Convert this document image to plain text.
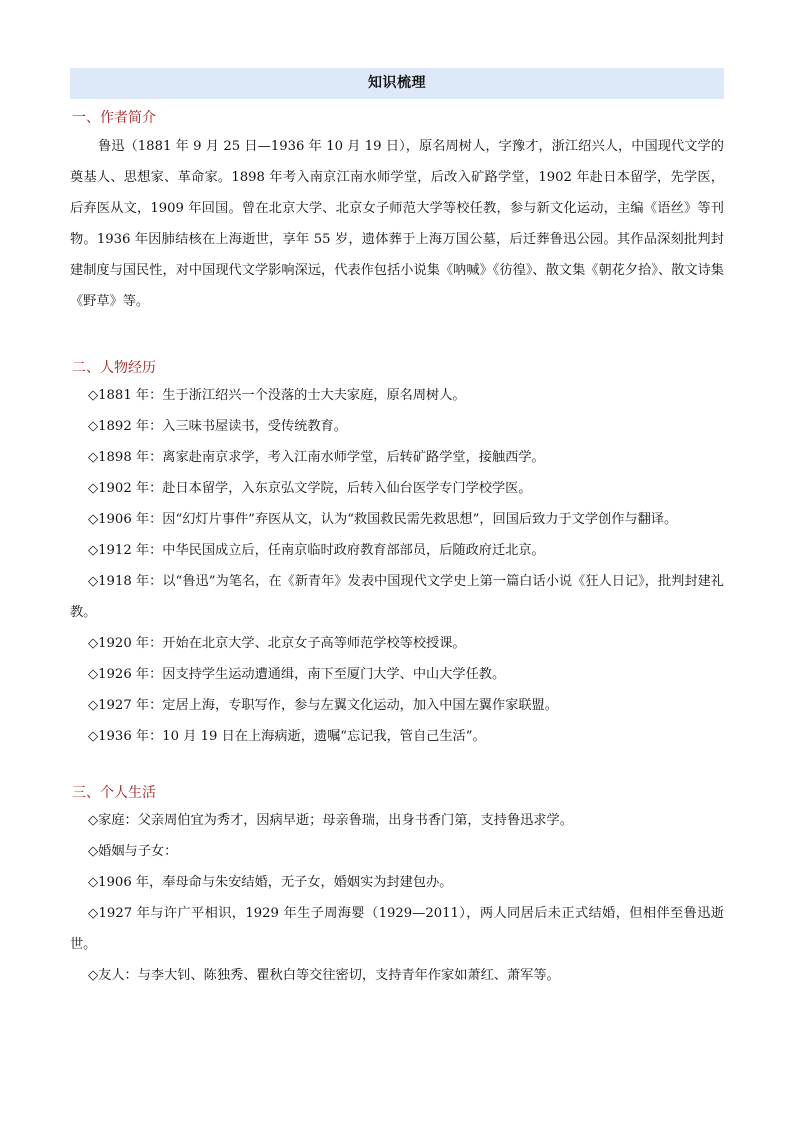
知识梳理
一、作者简介

鲁迅（1881 年 9 月 25 日—1936 年 10 月 19 日），原名周树人，字豫才，浙江绍兴人，中国现代文学的奠基人、思想家、革命家。1898 年考入南京江南水师学堂，后改入矿路学堂，1902 年赴日本留学，先学医，后弃医从文，1909 年回国。曾在北京大学、北京女子师范大学等校任教，参与新文化运动，主编《语丝》等刊物。1936 年因肺结核在上海逝世，享年 55 岁，遗体葬于上海万国公墓，后迁葬鲁迅公园。其作品深刻批判封建制度与国民性，对中国现代文学影响深远，代表作包括小说集《呐喊》《彷徨》、散文集《朝花夕拾》、散文诗集《野草》等。

二、人物经历

◇1881 年：生于浙江绍兴一个没落的士大夫家庭，原名周树人。

◇1892 年：入三味书屋读书，受传统教育。

◇1898 年：离家赴南京求学，考入江南水师学堂，后转矿路学堂，接触西学。

◇1902 年：赴日本留学，入东京弘文学院，后转入仙台医学专门学校学医。

◇1906 年：因“幻灯片事件”弃医从文，认为“救国救民需先救思想”，回国后致力于文学创作与翻译。

◇1912 年：中华民国成立后，任南京临时政府教育部部员，后随政府迁北京。

◇1918 年：以“鲁迅”为笔名，在《新青年》发表中国现代文学史上第一篇白话小说《狂人日记》，批判封建礼教。

◇1920 年：开始在北京大学、北京女子高等师范学校等校授课。

◇1926 年：因支持学生运动遭通缉，南下至厦门大学、中山大学任教。

◇1927 年：定居上海，专职写作，参与左翼文化运动，加入中国左翼作家联盟。

◇1936 年：10 月 19 日在上海病逝，遗嘱“忘记我，管自己生活”。

三、个人生活

◇家庭：父亲周伯宜为秀才，因病早逝；母亲鲁瑞，出身书香门第，支持鲁迅求学。

◇婚姻与子女：

◇1906 年，奉母命与朱安结婚，无子女，婚姻实为封建包办。

◇1927 年与许广平相识，1929 年生子周海婴（1929—2011），两人同居后未正式结婚，但相伴至鲁迅逝世。

◇友人：与李大钊、陈独秀、瞿秋白等交往密切，支持青年作家如萧红、萧军等。
